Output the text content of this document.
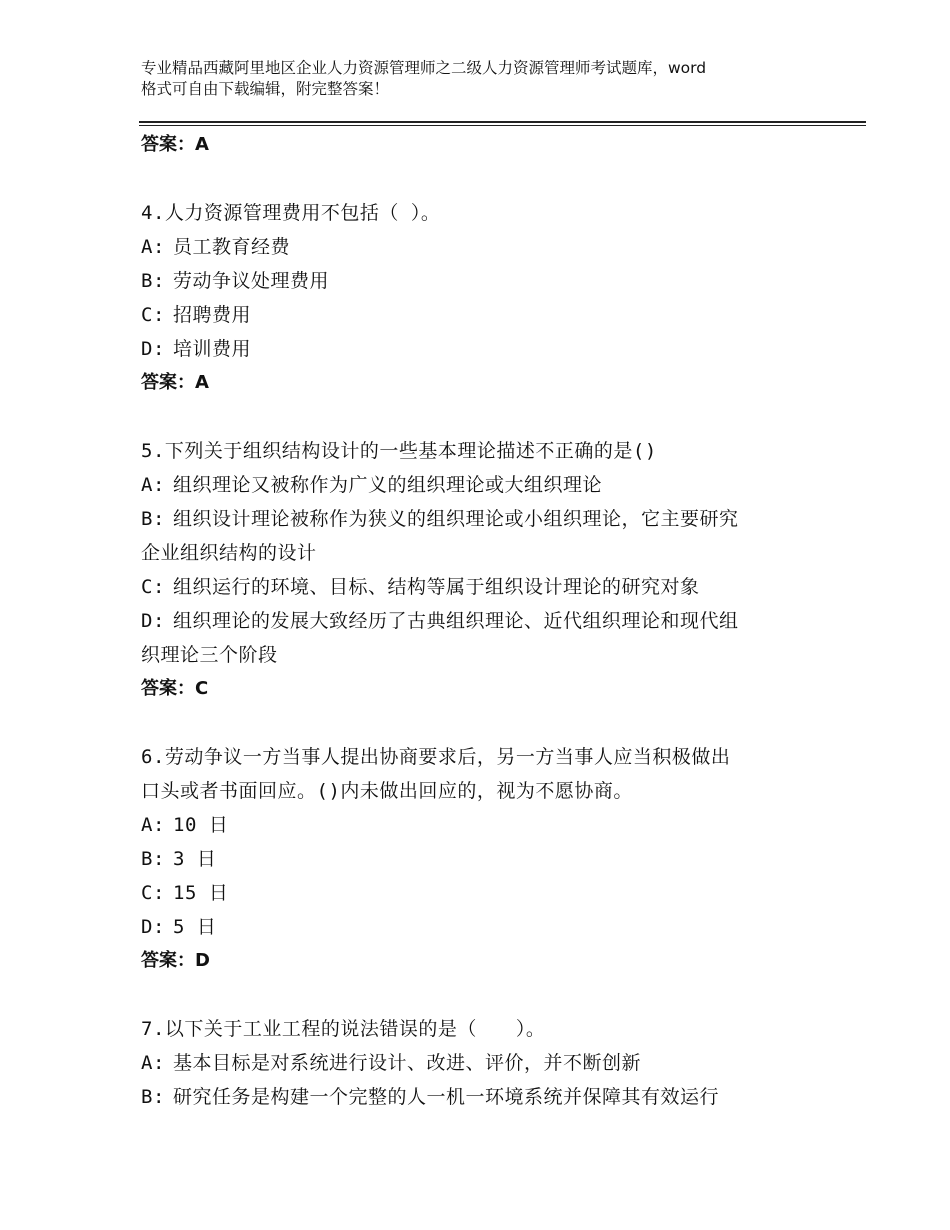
专业精品西藏阿里地区企业人力资源管理师之二级人力资源管理师考试题库，word
格式可自由下载编辑，附完整答案！
答案：A
4.人力资源管理费用不包括（ ）。
A: 员工教育经费
B: 劳动争议处理费用
C: 招聘费用
D: 培训费用
答案：A
5.下列关于组织结构设计的一些基本理论描述不正确的是()
A: 组织理论又被称作为广义的组织理论或大组织理论
B: 组织设计理论被称作为狭义的组织理论或小组织理论，它主要研究
企业组织结构的设计
C: 组织运行的环境、目标、结构等属于组织设计理论的研究对象
D: 组织理论的发展大致经历了古典组织理论、近代组织理论和现代组
织理论三个阶段
答案：C
6.劳动争议一方当事人提出协商要求后，另一方当事人应当积极做出
口头或者书面回应。()内未做出回应的，视为不愿协商。
A: 10 日
B: 3 日
C: 15 日
D: 5 日
答案：D
7.以下关于工业工程的说法错误的是（　　）。
A: 基本目标是对系统进行设计、改进、评价，并不断创新
B: 研究任务是构建一个完整的人一机一环境系统并保障其有效运行
